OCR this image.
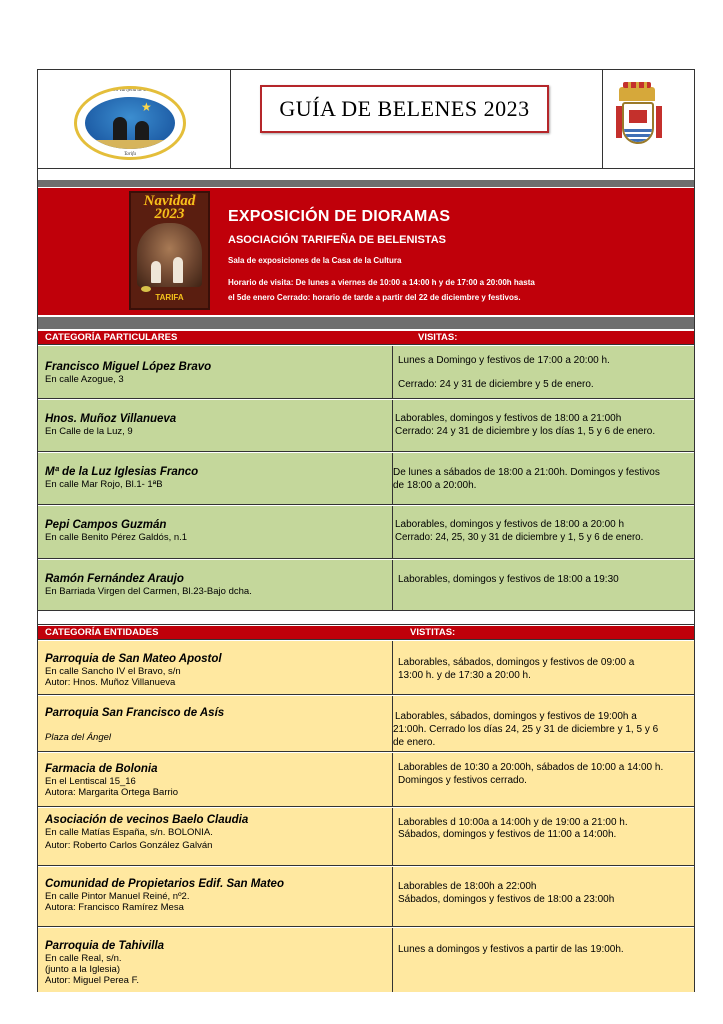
Asociación Tarifeña de Belenistas
★
Tarifa
GUÍA DE BELENES 2023
Navidad 2023
TARIFA
EXPOSICIÓN DE DIORAMAS
ASOCIACIÓN TARIFEÑA DE BELENISTAS
Sala de exposiciones de la Casa de la Cultura
Horario de visita: De lunes a viernes de 10:00 a 14:00 h y de 17:00 a 20:00h hasta
el 5de enero Cerrado: horario de tarde a partir del 22 de diciembre y festivos.
CATEGORÍA PARTICULARES	VISITAS:
Francisco Miguel López Bravo
En calle Azogue, 3
Lunes a Domingo y festivos de 17:00 a 20:00 h.
Cerrado: 24 y 31 de diciembre y 5 de enero.
Hnos. Muñoz Villanueva
En Calle de la Luz, 9
Laborables, domingos y festivos de 18:00 a 21:00h
Cerrado: 24 y 31 de diciembre y los días 1, 5 y 6 de enero.
Mª de la Luz Iglesias Franco
En calle Mar Rojo, Bl.1- 1ªB
De lunes a sábados de 18:00 a 21:00h. Domingos y festivos
de 18:00 a 20:00h.
Pepi Campos Guzmán
En calle Benito Pérez Galdós, n.1
Laborables, domingos y festivos de 18:00 a 20:00 h
Cerrado: 24, 25, 30 y 31 de diciembre y 1, 5 y 6 de enero.
Ramón Fernández Araujo
En Barriada Virgen del Carmen, Bl.23-Bajo dcha.
Laborables, domingos y festivos de 18:00 a 19:30
CATEGORÍA ENTIDADES	VISTITAS:
Parroquia de San Mateo Apostol
En calle Sancho IV el Bravo, s/n
Autor: Hnos. Muñoz Villanueva
Laborables, sábados, domingos y festivos de 09:00 a
13:00 h. y de 17:30 a 20:00 h.
Parroquia San Francisco de Asís
Plaza del Ángel
Laborables, sábados, domingos y festivos de 19:00h a
21:00h. Cerrado los días 24, 25 y 31 de diciembre y 1, 5 y 6
de enero.
Farmacia de Bolonia
En el Lentiscal 15_16
Autora: Margarita Ortega Barrio
Laborables de 10:30 a 20:00h, sábados de 10:00 a 14:00 h.
Domingos y festivos cerrado.
Asociación de vecinos Baelo Claudia
En calle Matías España, s/n. BOLONIA.
Autor: Roberto Carlos González Galván
Laborables d 10:00a a 14:00h y de 19:00 a 21:00 h.
Sábados, domingos y festivos de 11:00 a 14:00h.
Comunidad de Propietarios Edif. San Mateo
En calle Pintor Manuel Reiné, nº2.
Autora: Francisco Ramírez Mesa
Laborables de 18:00h a 22:00h
Sábados, domingos y festivos de 18:00 a 23:00h
Parroquia de Tahivilla
En calle Real, s/n.
(junto a la Iglesia)
Autor: Miguel Perea F.
Lunes a domingos y festivos a partir de las 19:00h.
